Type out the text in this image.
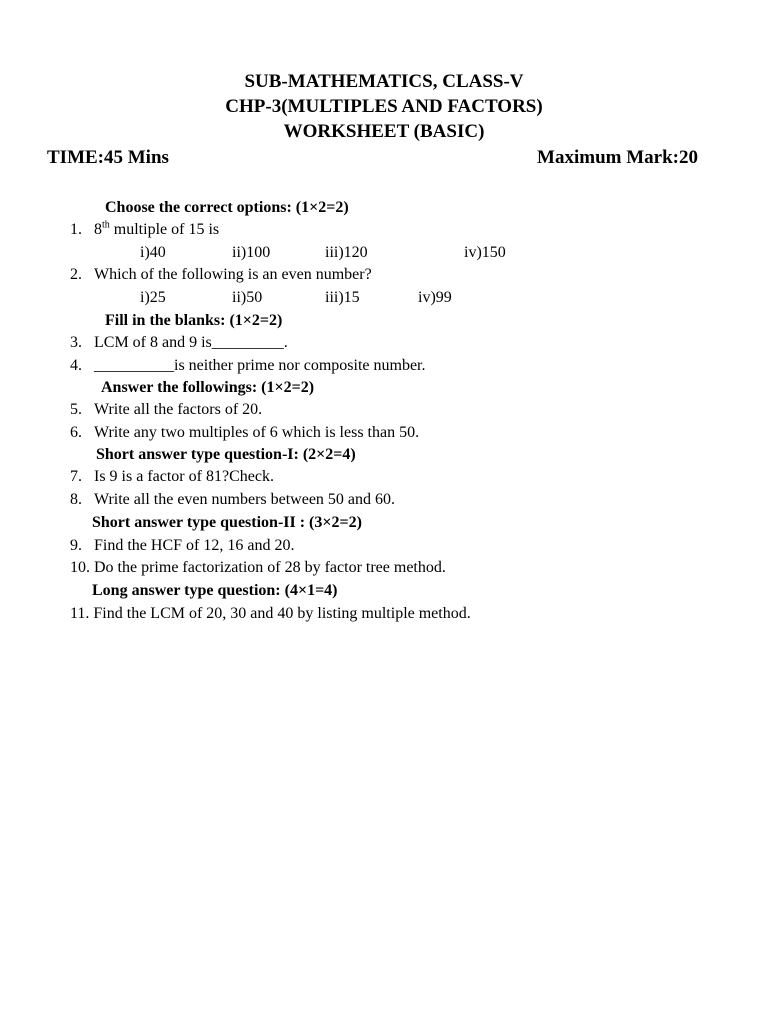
SUB-MATHEMATICS, CLASS-V
CHP-3(MULTIPLES AND FACTORS)
WORKSHEET (BASIC)
TIME:45 Mins	Maximum Mark:20
Choose the correct options: (1×2=2)
1. 8th multiple of 15 is
i)40	ii)100	iii)120	iv)150
2. Which of the following is an even number?
i)25	ii)50	iii)15	iv)99
Fill in the blanks: (1×2=2)
3. LCM of 8 and 9 is_________.
4. __________is neither prime nor composite number.
Answer the followings: (1×2=2)
5. Write all the factors of 20.
6. Write any two multiples of 6 which is less than 50.
Short answer type question-I: (2×2=4)
7. Is 9 is a factor of 81?Check.
8. Write all the even numbers between 50 and 60.
Short answer type question-II : (3×2=2)
9. Find the HCF of 12, 16 and 20.
10. Do the prime factorization of 28 by factor tree method.
Long answer type question: (4×1=4)
11. Find the LCM of 20, 30 and 40 by listing multiple method.
